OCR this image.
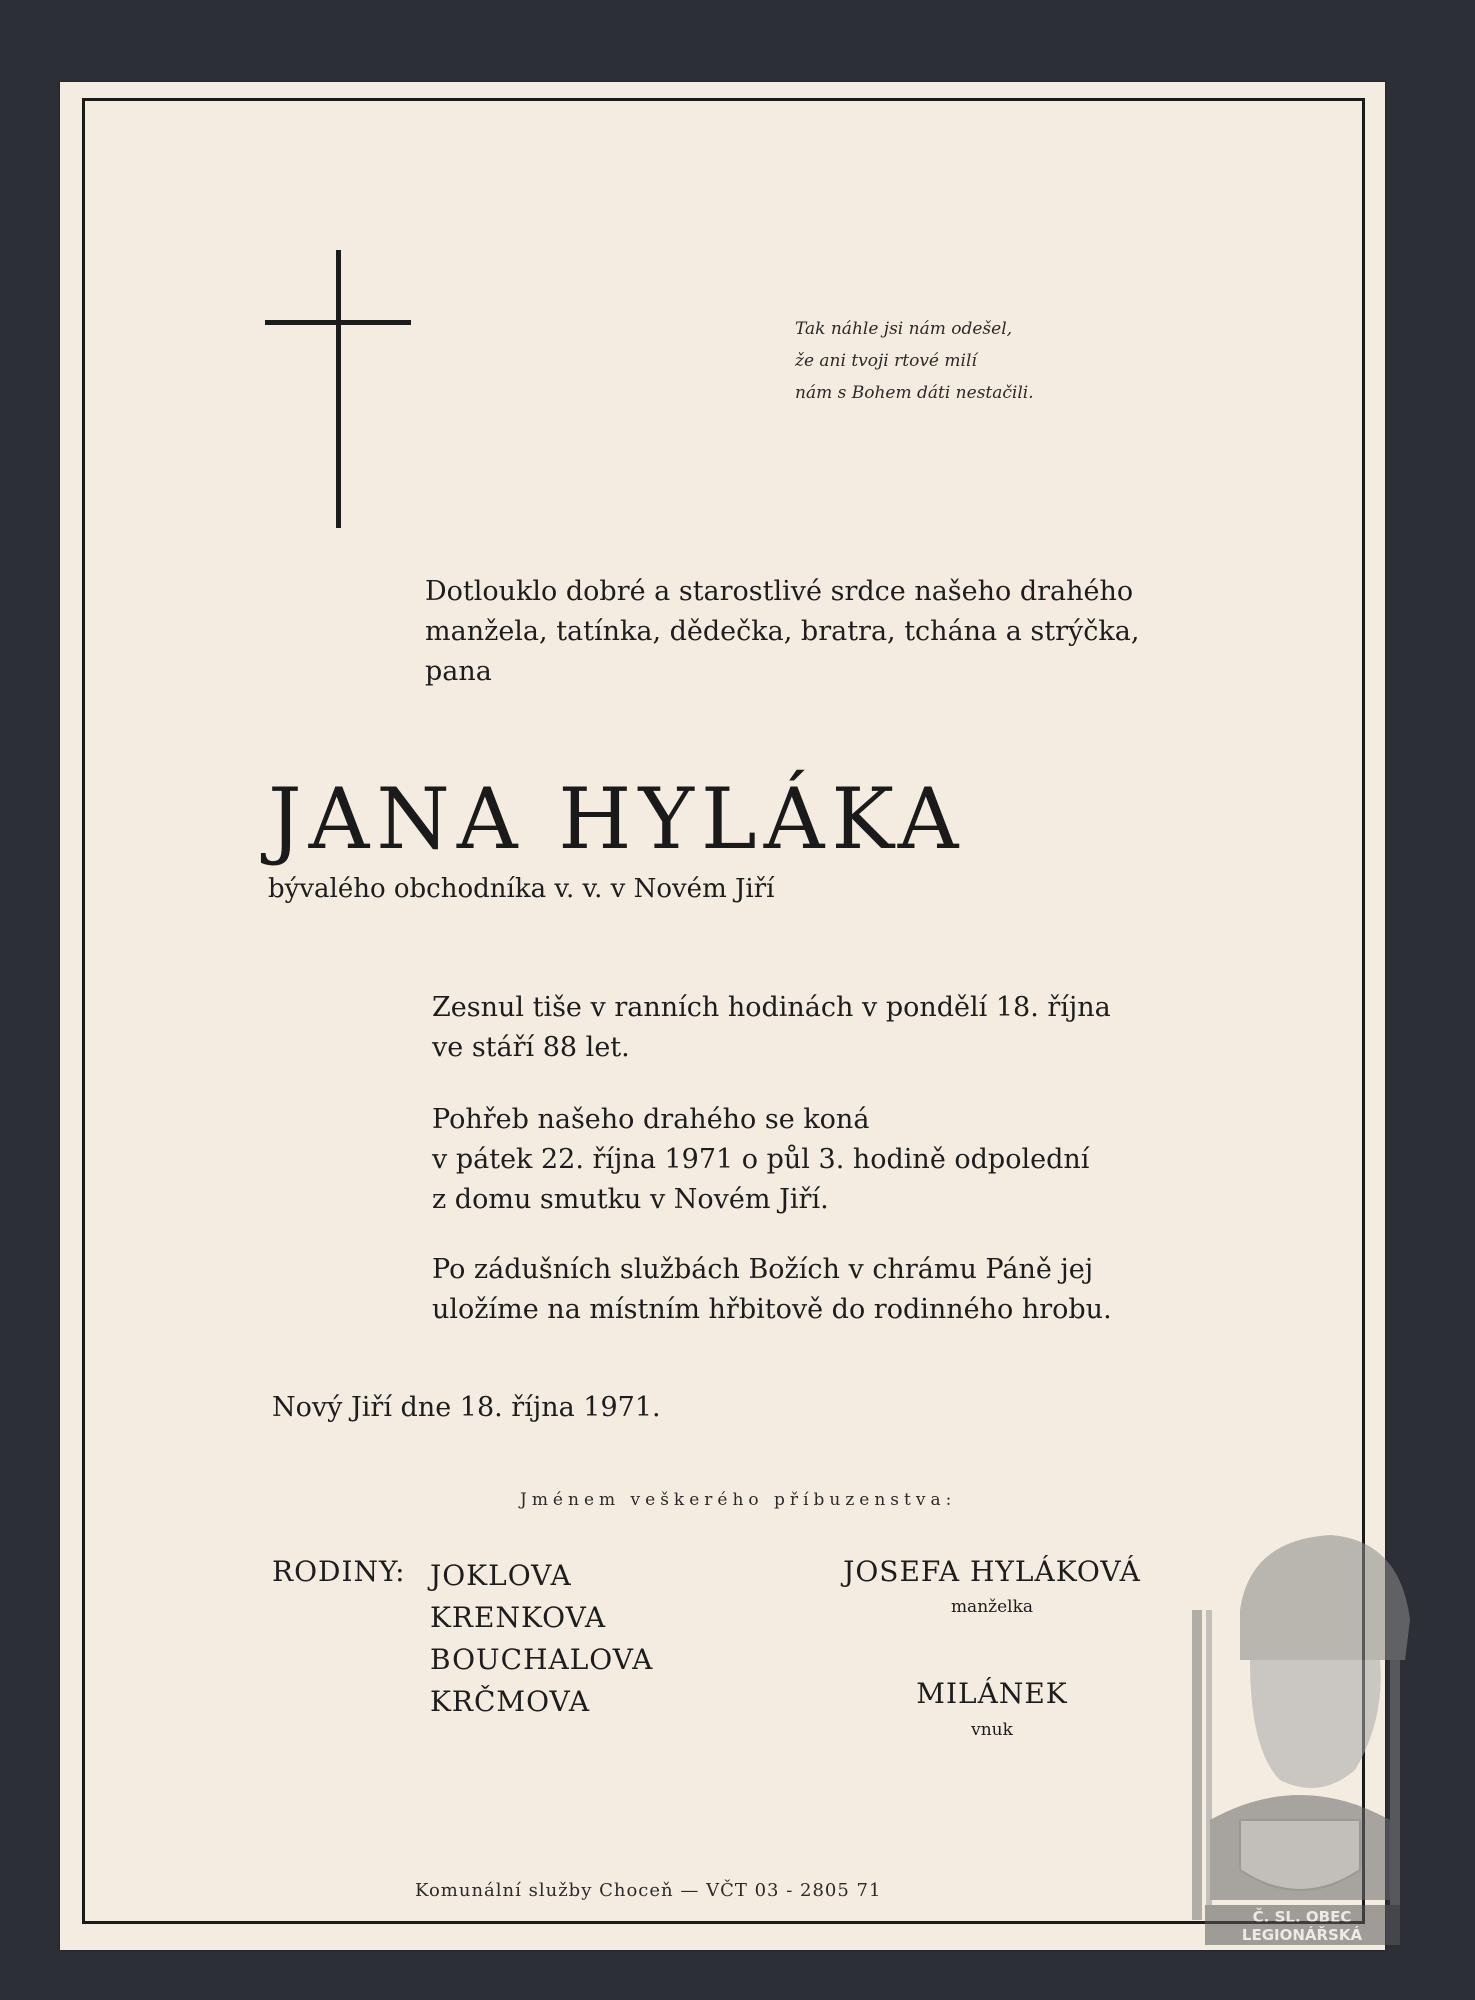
Tak náhle jsi nám odešel,
že ani tvoji rtové milí
nám s Bohem dáti nestačili.
Dotlouklo dobré a starostlivé srdce našeho drahého
manžela, tatínka, dědečka, bratra, tchána a strýčka,
pana
JANA HYLÁKA
bývalého obchodníka v. v. v Novém Jiří
Zesnul tiše v ranních hodinách v pondělí 18. října
ve stáří 88 let.
Pohřeb našeho drahého se koná
v pátek 22. října 1971 o půl 3. hodině odpolední
z domu smutku v Novém Jiří.
Po zádušních službách Božích v chrámu Páně jej
uložíme na místním hřbitově do rodinného hrobu.
Nový Jiří dne 18. října 1971.
Jménem veškerého příbuzenstva:
RODINY: JOKLOVA
KRENKOVA
BOUCHALOVA
KRČMOVA
JOSEFA HYLÁKOVÁ
manželka
MILÁNEK
vnuk
Komunální služby Choceň — VČT 03 - 2805 71
Č. SL. OBEC
LEGIONÁŘSKÁ
